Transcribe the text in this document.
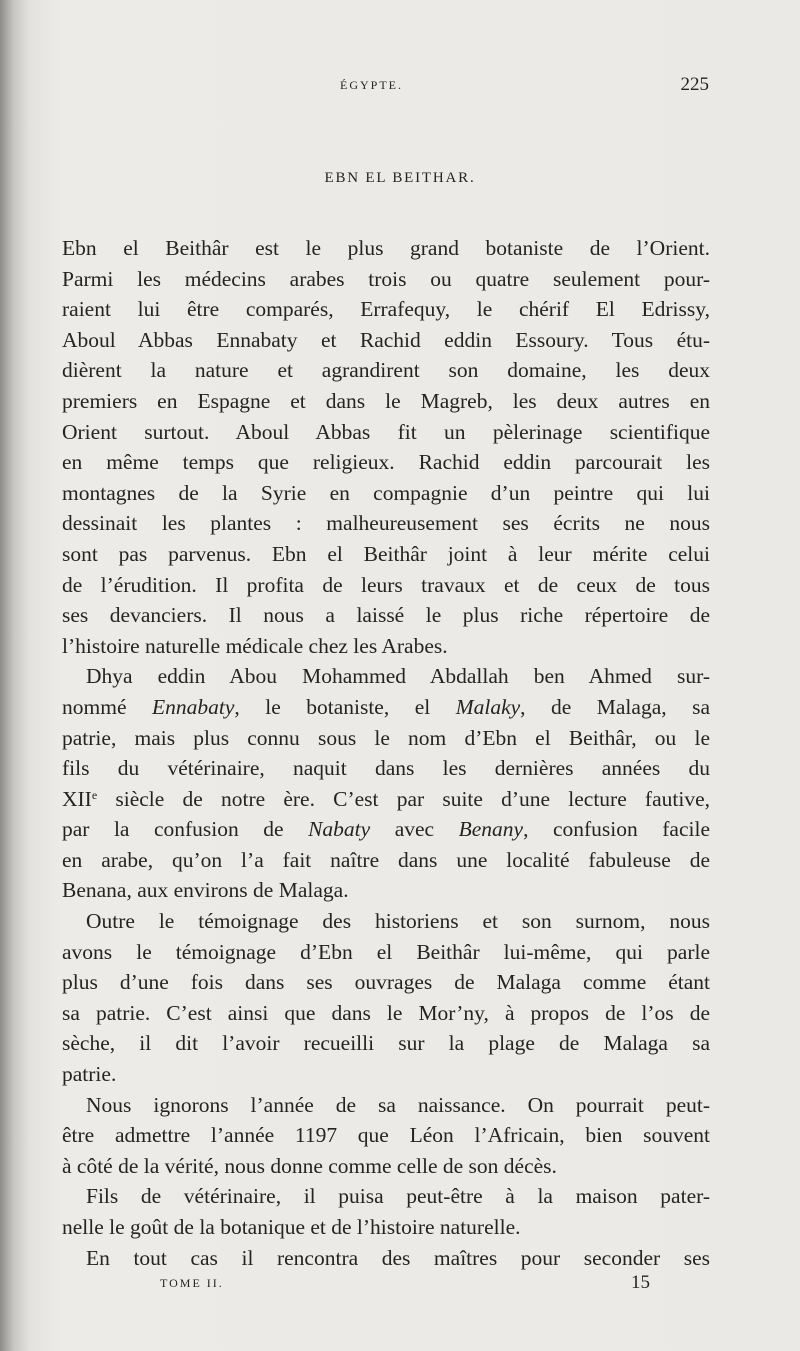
ÉGYPTE.	225
EBN EL BEITHAR.
Ebn el Beithâr est le plus grand botaniste de l’Orient.
Parmi les médecins arabes trois ou quatre seulement pour-
raient lui être comparés, Errafequy, le chérif El Edrissy,
Aboul Abbas Ennabaty et Rachid eddin Essoury. Tous étu-
dièrent la nature et agrandirent son domaine, les deux
premiers en Espagne et dans le Magreb, les deux autres en
Orient surtout. Aboul Abbas fit un pèlerinage scientifique
en même temps que religieux. Rachid eddin parcourait les
montagnes de la Syrie en compagnie d’un peintre qui lui
dessinait les plantes : malheureusement ses écrits ne nous
sont pas parvenus. Ebn el Beithâr joint à leur mérite celui
de l’érudition. Il profita de leurs travaux et de ceux de tous
ses devanciers. Il nous a laissé le plus riche répertoire de
l’histoire naturelle médicale chez les Arabes.
Dhya eddin Abou Mohammed Abdallah ben Ahmed sur-
nommé Ennabaty, le botaniste, el Malaky, de Malaga, sa
patrie, mais plus connu sous le nom d’Ebn el Beithâr, ou le
fils du vétérinaire, naquit dans les dernières années du
XIIe siècle de notre ère. C’est par suite d’une lecture fautive,
par la confusion de Nabaty avec Benany, confusion facile
en arabe, qu’on l’a fait naître dans une localité fabuleuse de
Benana, aux environs de Malaga.
Outre le témoignage des historiens et son surnom, nous
avons le témoignage d’Ebn el Beithâr lui-même, qui parle
plus d’une fois dans ses ouvrages de Malaga comme étant
sa patrie. C’est ainsi que dans le Mor’ny, à propos de l’os de
sèche, il dit l’avoir recueilli sur la plage de Malaga sa
patrie.
Nous ignorons l’année de sa naissance. On pourrait peut-
être admettre l’année 1197 que Léon l’Africain, bien souvent
à côté de la vérité, nous donne comme celle de son décès.
Fils de vétérinaire, il puisa peut-être à la maison pater-
nelle le goût de la botanique et de l’histoire naturelle.
En tout cas il rencontra des maîtres pour seconder ses
TOME II.	15
